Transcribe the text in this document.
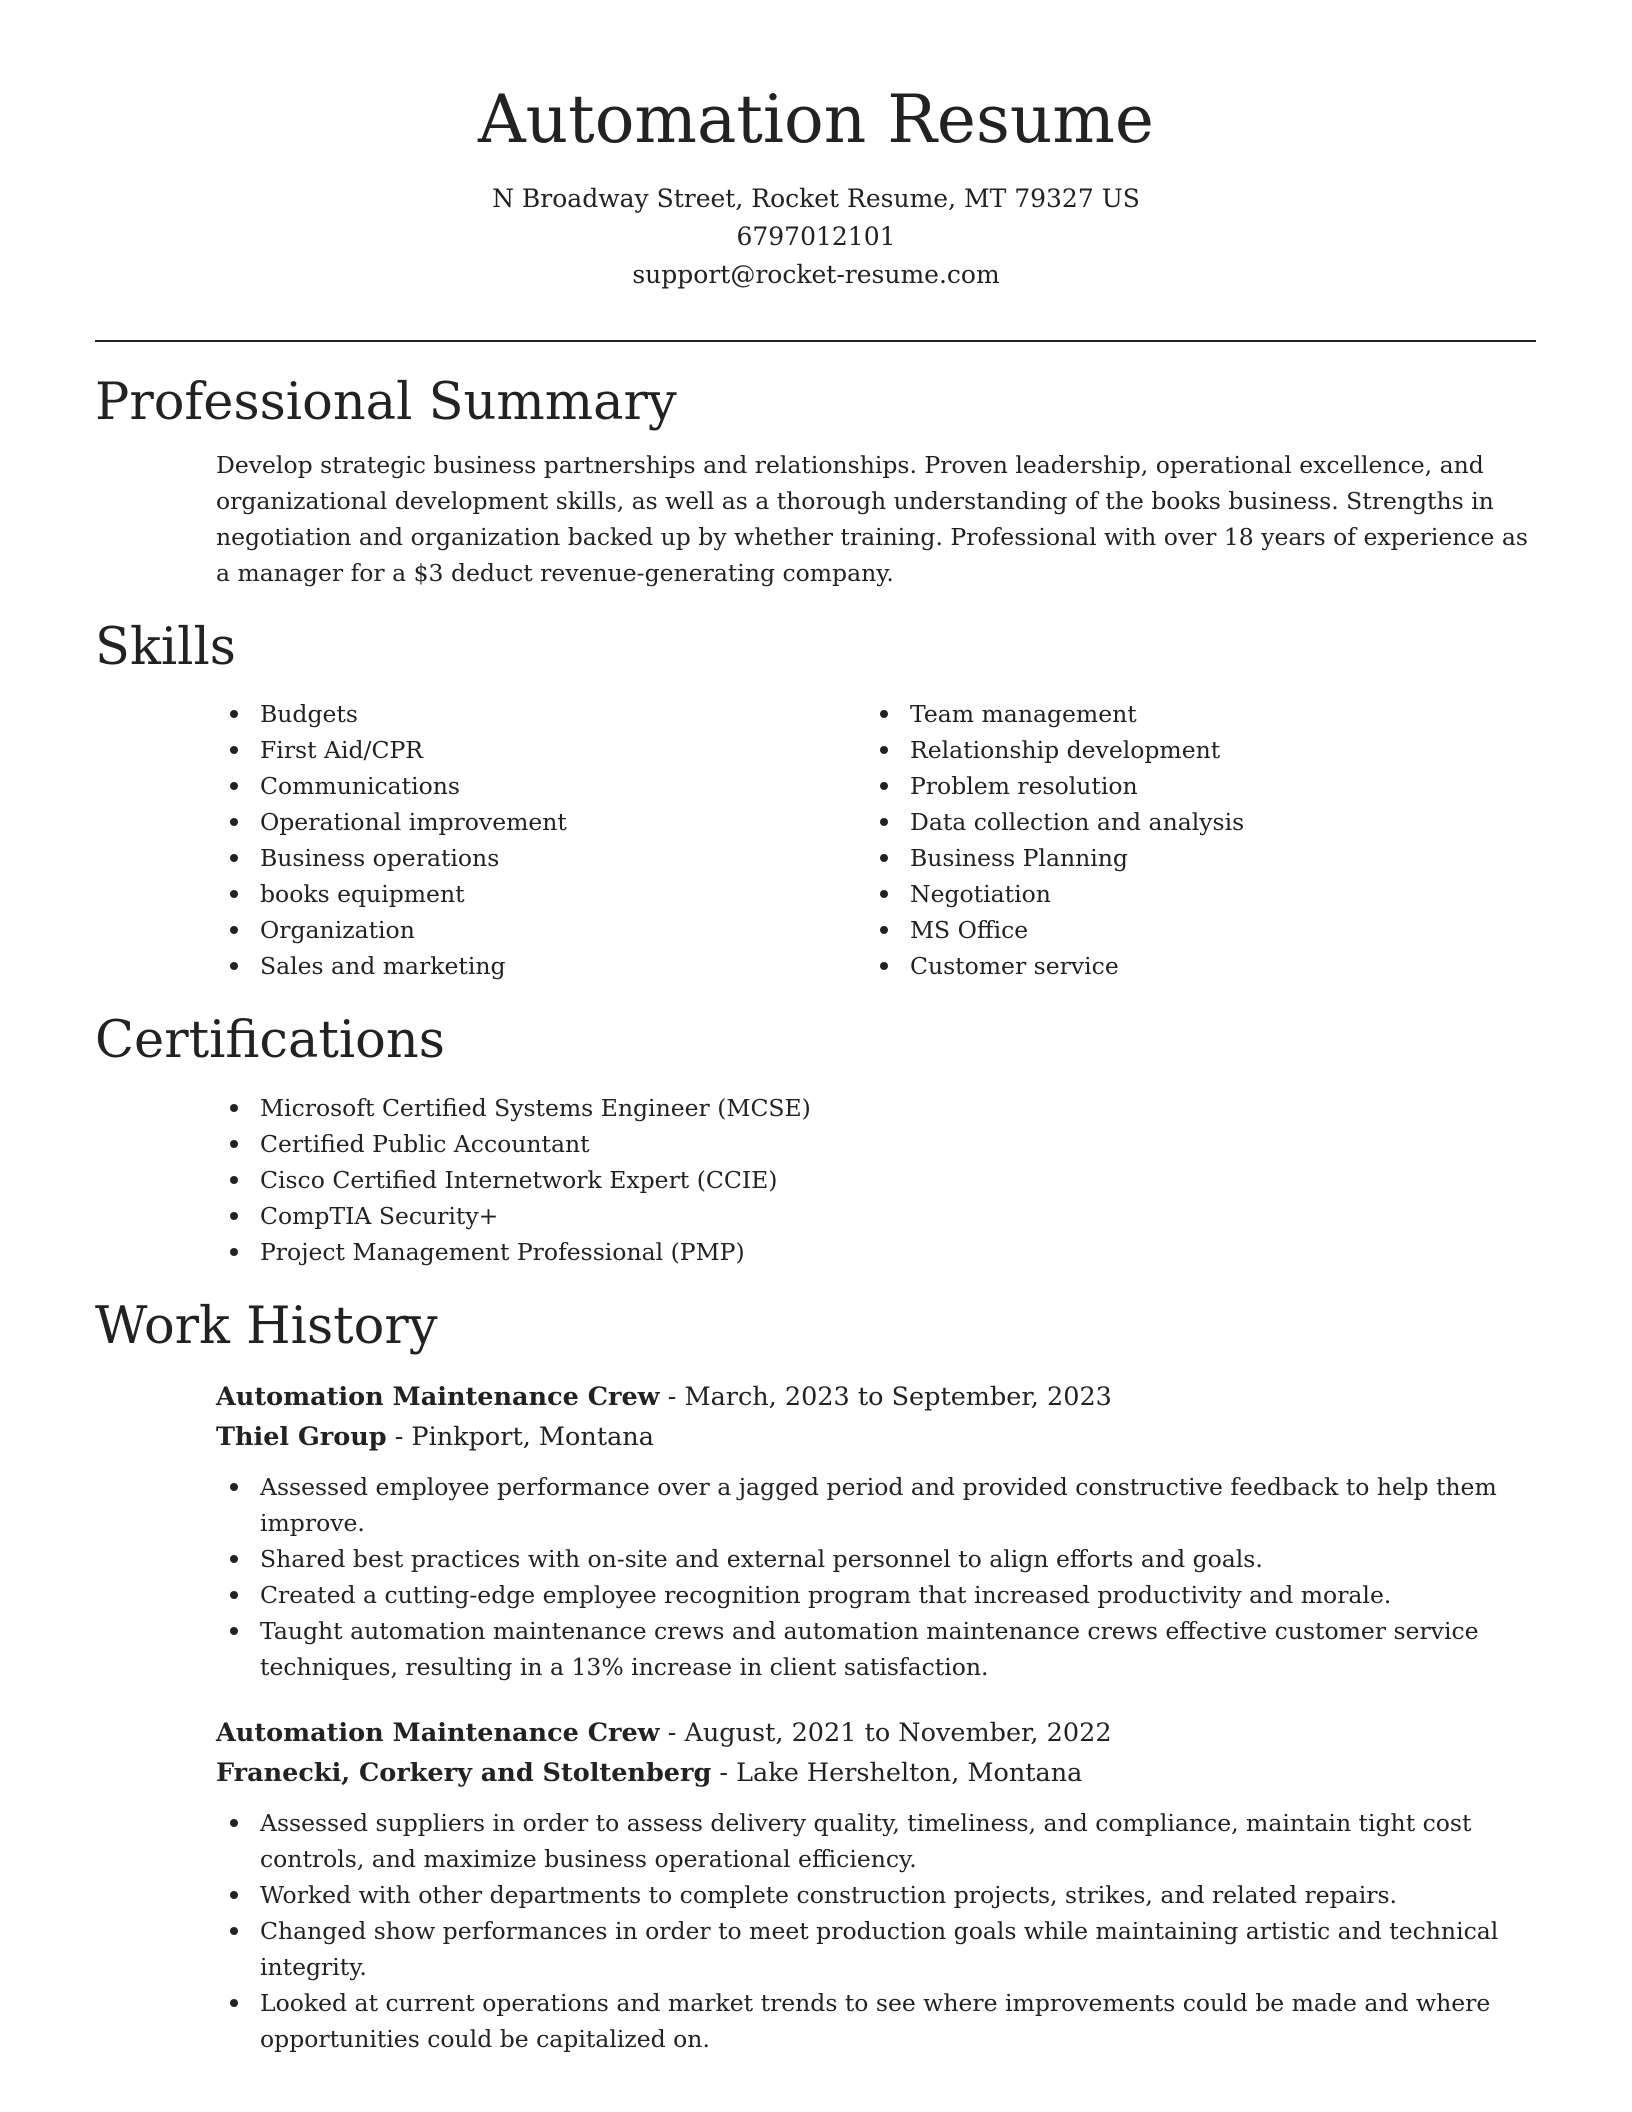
Automation Resume
N Broadway Street, Rocket Resume, MT 79327 US
6797012101
support@rocket-resume.com
Professional Summary

Develop strategic business partnerships and relationships. Proven leadership, operational excellence, and organizational development skills, as well as a thorough understanding of the books business. Strengths in negotiation and organization backed up by whether training. Professional with over 18 years of experience as a manager for a $3 deduct revenue-generating company.

Skills
Budgets
First Aid/CPR
Communications
Operational improvement
Business operations
books equipment
Organization
Sales and marketing
Team management
Relationship development
Problem resolution
Data collection and analysis
Business Planning
Negotiation
MS Office
Customer service
Certifications
Microsoft Certified Systems Engineer (MCSE)
Certified Public Accountant
Cisco Certified Internetwork Expert (CCIE)
CompTIA Security+
Project Management Professional (PMP)
Work History
Automation Maintenance Crew - March, 2023 to September, 2023
Thiel Group - Pinkport, Montana
Assessed employee performance over a jagged period and provided constructive feedback to help them improve.
Shared best practices with on-site and external personnel to align efforts and goals.
Created a cutting-edge employee recognition program that increased productivity and morale.
Taught automation maintenance crews and automation maintenance crews effective customer service techniques, resulting in a 13% increase in client satisfaction.
Automation Maintenance Crew - August, 2021 to November, 2022
Franecki, Corkery and Stoltenberg - Lake Hershelton, Montana
Assessed suppliers in order to assess delivery quality, timeliness, and compliance, maintain tight cost controls, and maximize business operational efficiency.
Worked with other departments to complete construction projects, strikes, and related repairs.
Changed show performances in order to meet production goals while maintaining artistic and technical integrity.
Looked at current operations and market trends to see where improvements could be made and where opportunities could be capitalized on.
